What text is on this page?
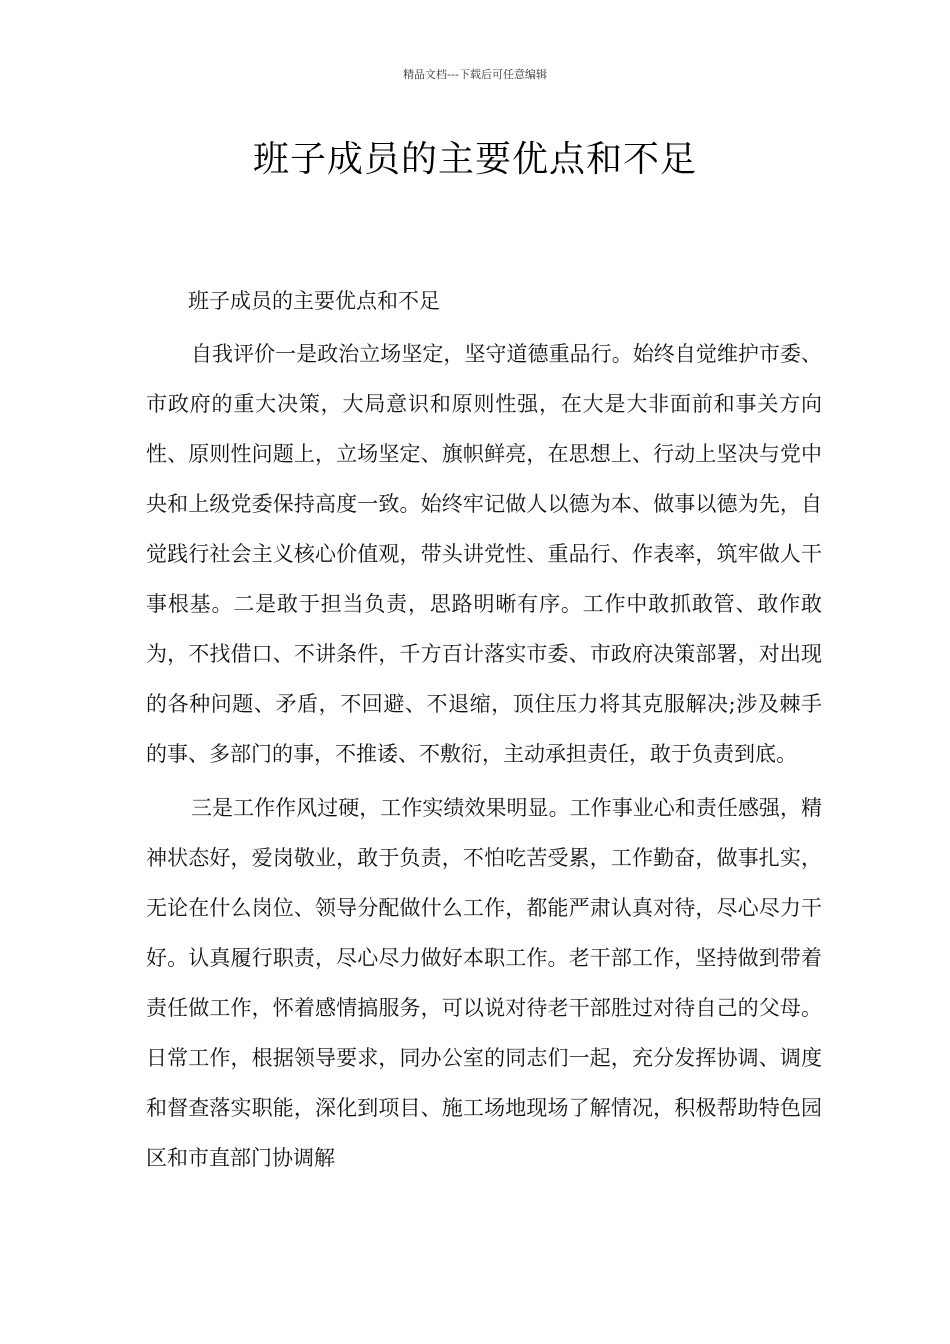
精品文档---下载后可任意编辑
班子成员的主要优点和不足

班子成员的主要优点和不足

自我评价一是政治立场坚定，坚守道德重品行。始终自觉维护市委、市政府的重大决策，大局意识和原则性强，在大是大非面前和事关方向性、原则性问题上，立场坚定、旗帜鲜亮，在思想上、行动上坚决与党中央和上级党委保持高度一致。始终牢记做人以德为本、做事以德为先，自觉践行社会主义核心价值观，带头讲党性、重品行、作表率，筑牢做人干事根基。二是敢于担当负责，思路明晰有序。工作中敢抓敢管、敢作敢为，不找借口、不讲条件，千方百计落实市委、市政府决策部署，对出现的各种问题、矛盾，不回避、不退缩，顶住压力将其克服解决;涉及棘手的事、多部门的事，不推诿、不敷衍，主动承担责任，敢于负责到底。

三是工作作风过硬，工作实绩效果明显。工作事业心和责任感强，精神状态好，爱岗敬业，敢于负责，不怕吃苦受累，工作勤奋，做事扎实，无论在什么岗位、领导分配做什么工作，都能严肃认真对待，尽心尽力干好。认真履行职责，尽心尽力做好本职工作。老干部工作，坚持做到带着责任做工作，怀着感情搞服务，可以说对待老干部胜过对待自己的父母。日常工作，根据领导要求，同办公室的同志们一起，充分发挥协调、调度和督查落实职能，深化到项目、施工场地现场了解情况，积极帮助特色园区和市直部门协调解
